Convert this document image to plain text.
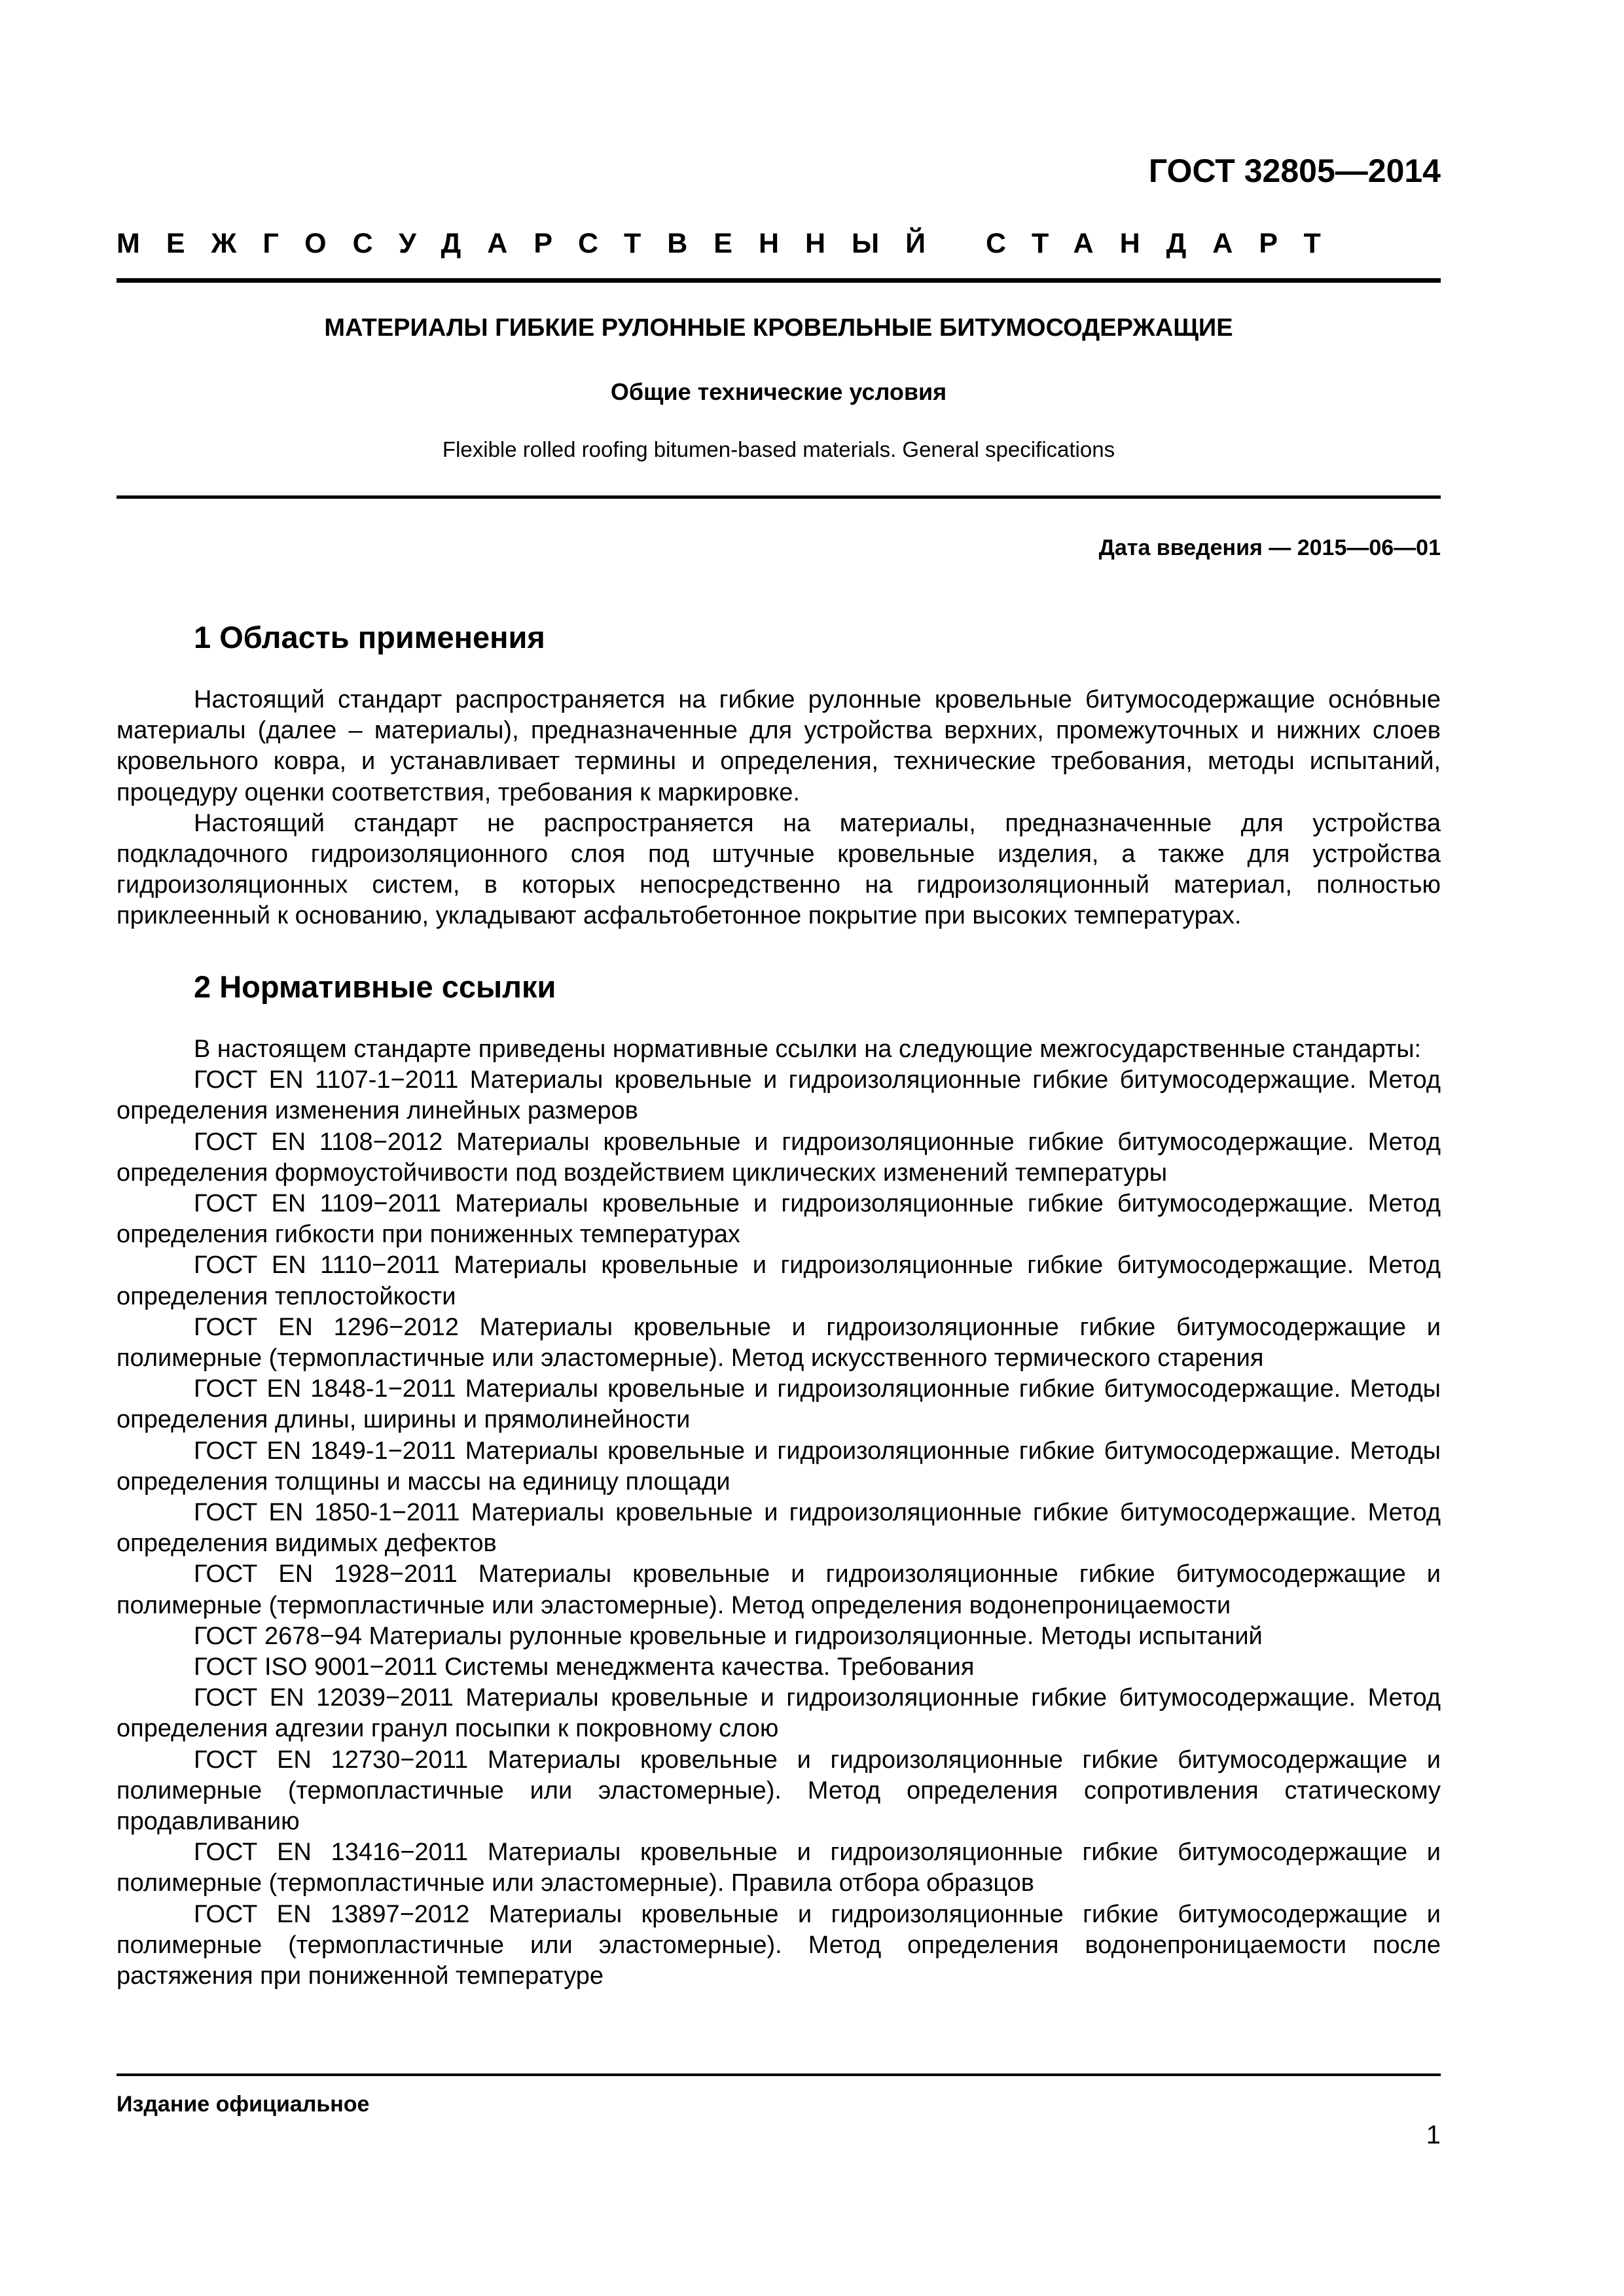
ГОСТ 32805—2014
МЕЖГОСУДАРСТВЕННЫЙ СТАНДАРТ
МАТЕРИАЛЫ ГИБКИЕ РУЛОННЫЕ КРОВЕЛЬНЫЕ БИТУМОСОДЕРЖАЩИЕ
Общие технические условия
Flexible rolled roofing bitumen-based materials. General specifications
Дата введения — 2015—06—01
1 Область применения

Настоящий стандарт распространяется на гибкие рулонные кровельные битумосодержащие осно́вные материалы (далее – материалы), предназначенные для устройства верхних, промежуточных и нижних слоев кровельного ковра, и устанавливает термины и определения, технические требования, методы испытаний, процедуру оценки соответствия, требования к маркировке.

Настоящий стандарт не распространяется на материалы, предназначенные для устройства подкладочного гидроизоляционного слоя под штучные кровельные изделия, а также для устройства гидроизоляционных систем, в которых непосредственно на гидроизоляционный материал, полностью приклеенный к основанию, укладывают асфальтобетонное покрытие при высоких температурах.

2 Нормативные ссылки

В настоящем стандарте приведены нормативные ссылки на следующие межгосударственные стандарты:

ГОСТ EN 1107-1−2011 Материалы кровельные и гидроизоляционные гибкие битумосодержащие. Метод определения изменения линейных размеров

ГОСТ EN 1108−2012 Материалы кровельные и гидроизоляционные гибкие битумосодержащие. Метод определения формоустойчивости под воздействием циклических изменений температуры

ГОСТ EN 1109−2011 Материалы кровельные и гидроизоляционные гибкие битумосодержащие. Метод определения гибкости при пониженных температурах

ГОСТ EN 1110−2011 Материалы кровельные и гидроизоляционные гибкие битумосодержащие. Метод определения теплостойкости

ГОСТ EN 1296−2012 Материалы кровельные и гидроизоляционные гибкие битумосодержащие и полимерные (термопластичные или эластомерные). Метод искусственного термического старения

ГОСТ EN 1848-1−2011 Материалы кровельные и гидроизоляционные гибкие битумосодержащие. Методы определения длины, ширины и прямолинейности

ГОСТ EN 1849-1−2011 Материалы кровельные и гидроизоляционные гибкие битумосодержащие. Методы определения толщины и массы на единицу площади

ГОСТ EN 1850-1−2011 Материалы кровельные и гидроизоляционные гибкие битумосодержащие. Метод определения видимых дефектов

ГОСТ EN 1928−2011 Материалы кровельные и гидроизоляционные гибкие битумосодержащие и полимерные (термопластичные или эластомерные). Метод определения водонепроницаемости

ГОСТ 2678−94 Материалы рулонные кровельные и гидроизоляционные. Методы испытаний

ГОСТ ISO 9001−2011 Системы менеджмента качества. Требования

ГОСТ EN 12039−2011 Материалы кровельные и гидроизоляционные гибкие битумосодержащие. Метод определения адгезии гранул посыпки к покровному слою

ГОСТ EN 12730−2011 Материалы кровельные и гидроизоляционные гибкие битумосодержащие и полимерные (термопластичные или эластомерные). Метод определения сопротивления статическому продавливанию

ГОСТ EN 13416−2011 Материалы кровельные и гидроизоляционные гибкие битумосодержащие и полимерные (термопластичные или эластомерные). Правила отбора образцов

ГОСТ EN 13897−2012 Материалы кровельные и гидроизоляционные гибкие битумосодержащие и полимерные (термопластичные или эластомерные). Метод определения водонепроницаемости после растяжения при пониженной температуре

Издание официальное
1
